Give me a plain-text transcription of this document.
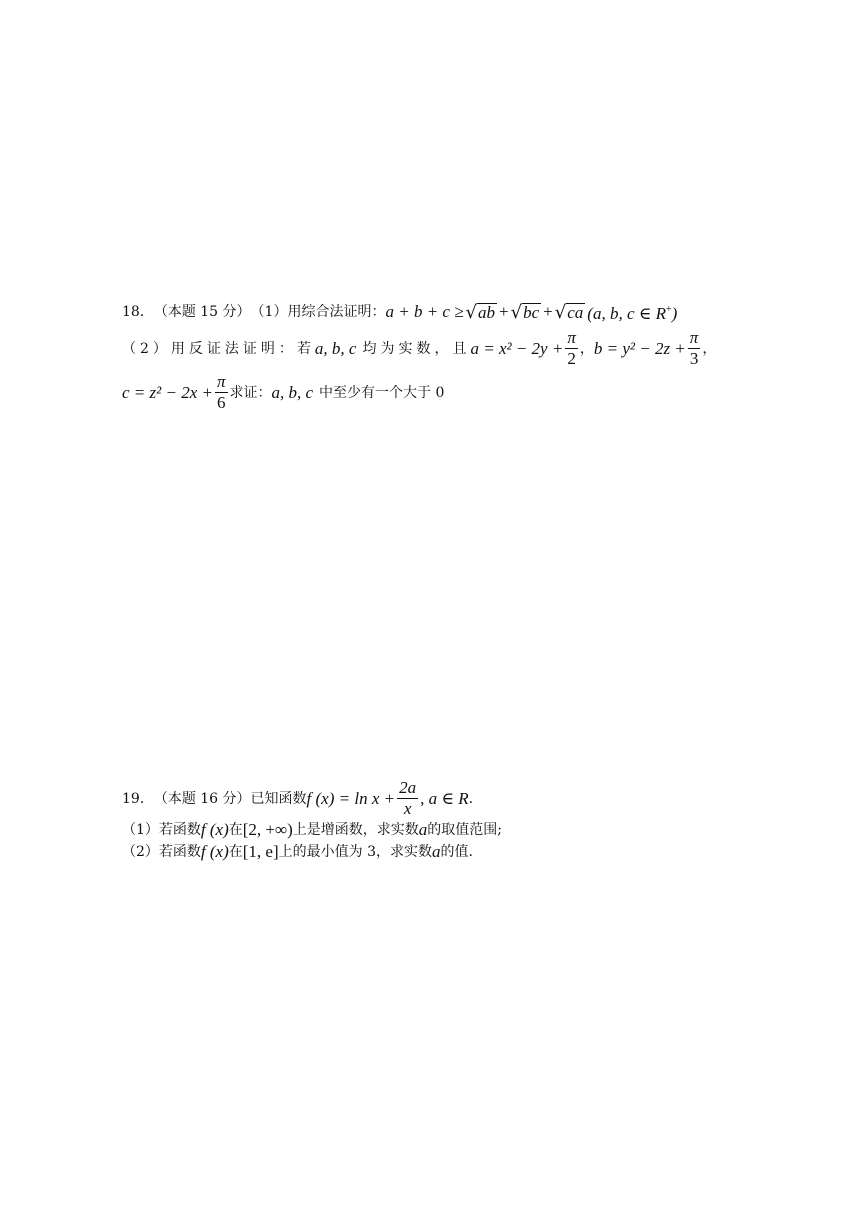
18． （本题 15 分） （1）用综合法证明： a + b + c ≥ √ ab + √ bc + √ ca (a, b, c ∈ R+)
（2）用反证法证明：若 a, b, c 均为实数，且 $a = x^2 - 2y + \frac{\pi}{2}$ ， $b = y^2 - 2z + \frac{\pi}{3}$ ，
$c = z^2 - 2x + \frac{\pi}{6}$ 求证： a, b, c 中至少有一个大于 0
19． （本题 16 分） 已知函数 f $(x) = \ln x + \frac{2a}{x}$ , a ∈ R ．
（1）若函数 f (x) 在 [2, +∞) 上是增函数，求实数 a 的取值范围;
（2）若函数 f (x) 在 [1, e] 上的最小值为 3，求实数 a 的值.
